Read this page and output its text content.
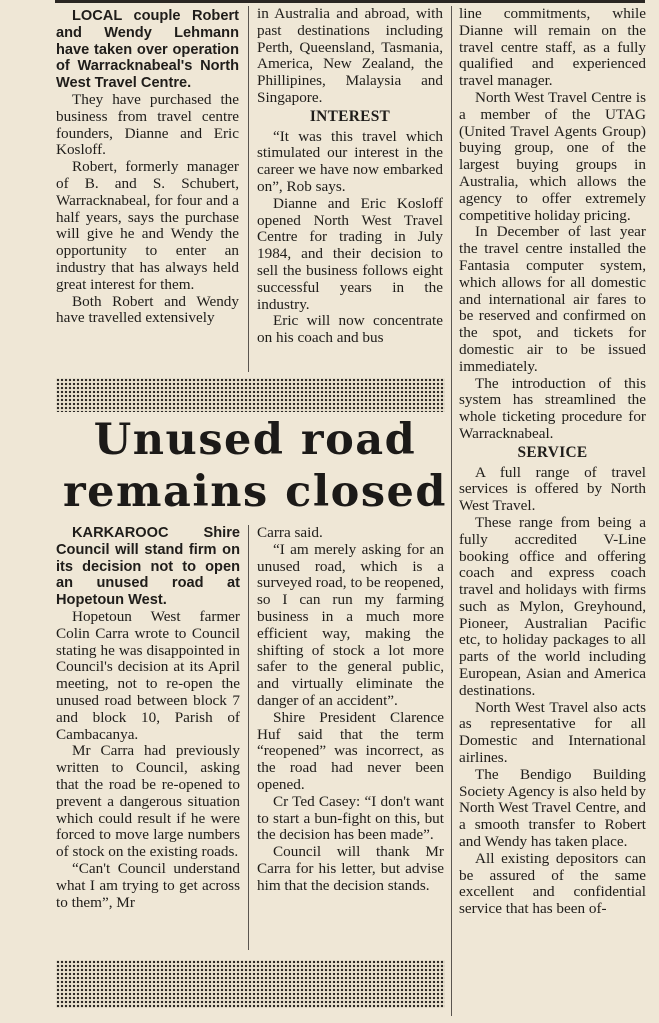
LOCAL couple Robert and Wendy Lehmann have taken over operation of Warracknabeal's North West Travel Centre.

They have purchased the business from travel centre founders, Dianne and Eric Kosloff.

Robert, formerly manager of B. and S. Schubert, Warracknabeal, for four and a half years, says the purchase will give he and Wendy the opportunity to enter an industry that has always held great interest for them.

Both Robert and Wendy have travelled extensively

in Australia and abroad, with past destinations including Perth, Queensland, Tasmania, America, New Zealand, the Phillipines, Malaysia and Singapore.

INTEREST

“It was this travel which stimulated our interest in the career we have now embarked on”, Rob says.

Dianne and Eric Kosloff opened North West Travel Centre for trading in July 1984, and their decision to sell the business follows eight successful years in the industry.

Eric will now concentrate on his coach and bus

line commitments, while Dianne will remain on the travel centre staff, as a fully qualified and experienced travel manager.

North West Travel Centre is a member of the UTAG (United Travel Agents Group) buying group, one of the largest buying groups in Australia, which allows the agency to offer extremely competitive holiday pricing.

In December of last year the travel centre installed the Fantasia computer system, which allows for all domestic and international air fares to be reserved and confirmed on the spot, and tickets for domestic air to be issued immediately.

The introduction of this system has streamlined the whole ticketing procedure for Warracknabeal.

SERVICE

A full range of travel services is offered by North West Travel.

These range from being a fully accredited V-Line booking office and offering coach and express coach travel and holidays with firms such as Mylon, Greyhound, Pioneer, Australian Pacific etc, to holiday packages to all parts of the world including European, Asian and America destinations.

North West Travel also acts as representative for all Domestic and International airlines.

The Bendigo Building Society Agency is also held by North West Travel Centre, and a smooth transfer to Robert and Wendy has taken place.

All existing depositors can be assured of the same excellent and confidential service that has been of-

Unused road
remains closed

KARKAROOC Shire Council will stand firm on its decision not to open an unused road at Hopetoun West.

Hopetoun West farmer Colin Carra wrote to Council stating he was disappointed in Council's decision at its April meeting, not to re-open the unused road between block 7 and block 10, Parish of Cambacanya.

Mr Carra had previously written to Council, asking that the road be re-opened to prevent a dangerous situation which could result if he were forced to move large numbers of stock on the existing roads.

“Can't Council understand what I am trying to get across to them”, Mr

Carra said.

“I am merely asking for an unused road, which is a surveyed road, to be reopened, so I can run my farming business in a much more efficient way, making the shifting of stock a lot more safer to the general public, and virtually eliminate the danger of an accident”.

Shire President Clarence Huf said that the term “reopened” was incorrect, as the road had never been opened.

Cr Ted Casey: “I don't want to start a bun-fight on this, but the decision has been made”.

Council will thank Mr Carra for his letter, but advise him that the decision stands.
